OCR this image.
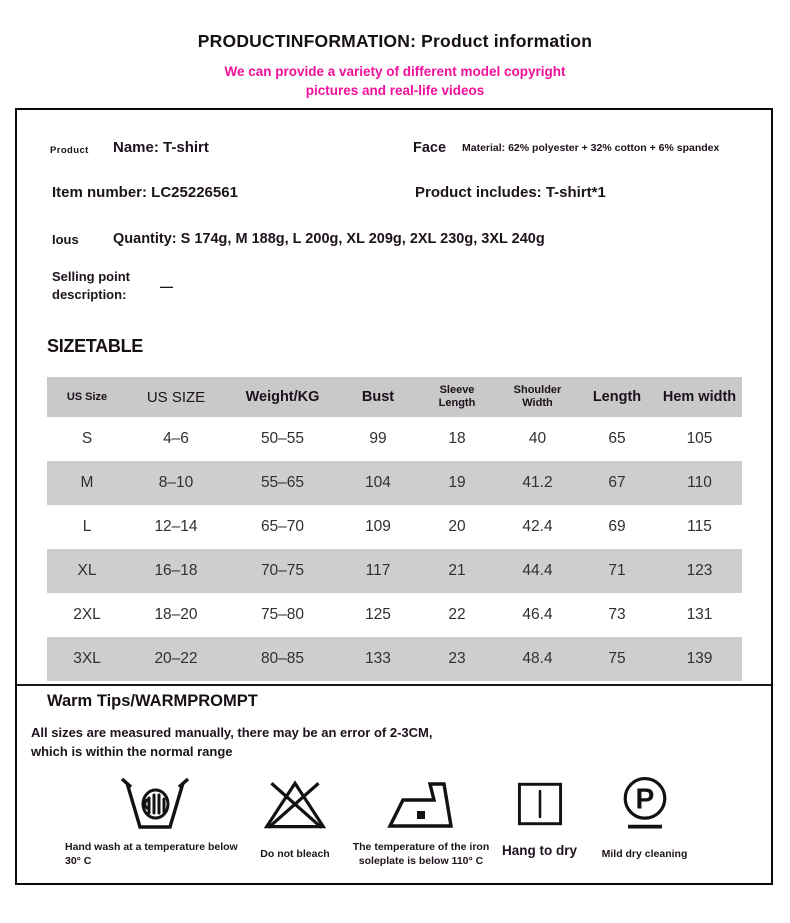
PRODUCTINFORMATION: Product information
We can provide a variety of different model copyright
pictures and real-life videos
Product Name: T-shirt	Face Material: 62% polyester + 32% cotton + 6% spandex
Item number: LC25226561	Product includes: T-shirt*1
Ious Quantity: S 174g, M 188g, L 200g, XL 209g, 2XL 230g, 3XL 240g
Selling point
description:
—
SIZETABLE
US Size	US SIZE	Weight/KG	Bust	Sleeve Length	Shoulder Width	Length	Hem width
S	4–6	50–55	99	18	40	65	105
M	8–10	55–65	104	19	41.2	67	110
L	12–14	65–70	109	20	42.4	69	115
XL	16–18	70–75	117	21	44.4	71	123
2XL	18–20	75–80	125	22	46.4	73	131
3XL	20–22	80–85	133	23	48.4	75	139
Warm Tips/WARMPROMPT
All sizes are measured manually, there may be an error of 2-3CM,
which is within the normal range
Hand wash at a temperature below
30° C
Do not bleach
The temperature of the iron
soleplate is below 110° C
Hang to dry
P
Mild dry cleaning
